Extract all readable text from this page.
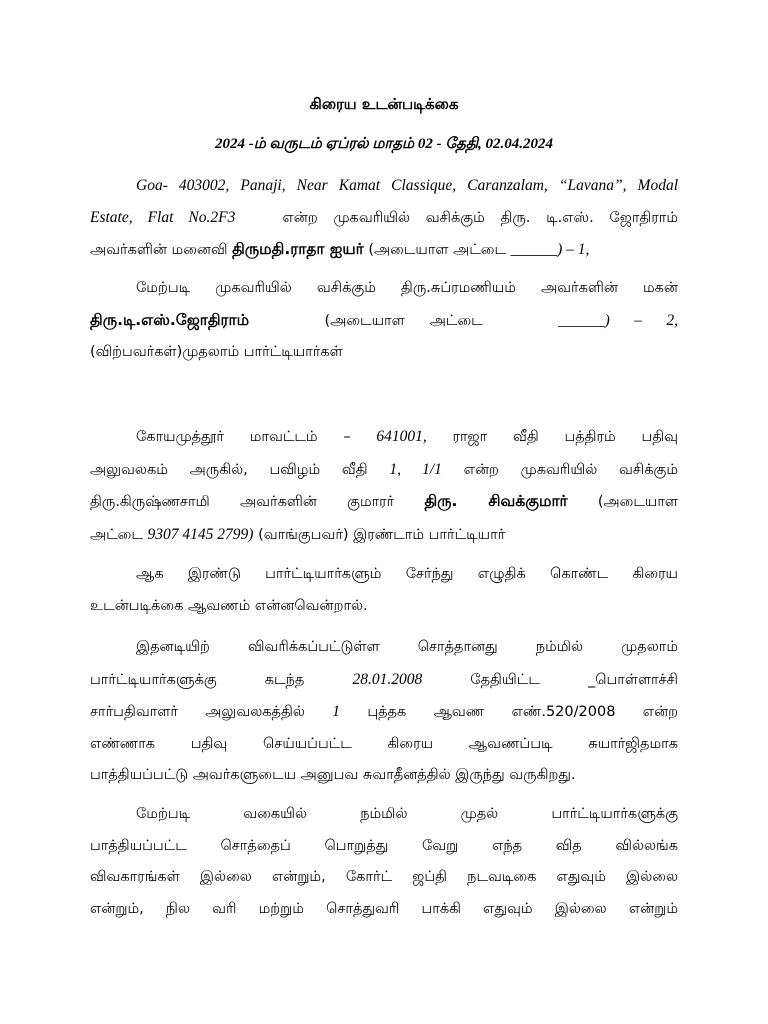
கிரைய உடன்படிக்கை
2024 -ம் வருடம் ஏப்ரல் மாதம் 02 - தேதி, 02.04.2024
Goa- 403002, Panaji, Near Kamat Classique, Caranzalam, “Lavana”, Modal
Estate, Flat No.2F3	என்ற முகவரியில் வசிக்கும் திரு. டி.எஸ். ஜோதிராம்
அவர்களின் மனைவி திருமதி.ராதா ஐயர் (அடையாள அட்டை ______) – 1,
மேற்படி முகவரியில் வசிக்கும் திரு.சுப்ரமணியம் அவர்களின் மகன்
திரு.டி.எஸ்.ஜோதிராம்	(அடையாள அட்டை	______) – 2,
(விற்பவர்கள்)முதலாம் பார்ட்டியார்கள்
கோயமுத்தூர் மாவட்டம் – 641001, ராஜா வீதி பத்திரம் பதிவு
அலுவலகம் அருகில், பவிழம் வீதி 1, 1/1 என்ற முகவரியில் வசிக்கும்
திரு.கிருஷ்ணசாமி அவர்களின் குமாரர் திரு. சிவக்குமார் (அடையாள
அட்டை 9307 4145 2799) (வாங்குபவர்) இரண்டாம் பார்ட்டியார்
ஆக இரண்டு பார்ட்டியார்களும் சேர்ந்து எழுதிக் கொண்ட கிரைய
உடன்படிக்கை ஆவணம் என்னவென்றால்.
இதனடியிற் விவரிக்கப்பட்டுள்ள சொத்தானது நம்மில் முதலாம்
பார்ட்டியார்களுக்கு கடந்த	28.01.2008	தேதியிட்ட _பொள்ளாச்சி
சார்பதிவாளர் அலுவலகத்தில் 1 புத்தக ஆவண எண்.520/2008 என்ற
எண்ணாக பதிவு செய்யப்பட்ட கிரைய ஆவணப்படி சுயார்ஜிதமாக
பாத்தியப்பட்டு அவர்களுடைய அனுபவ சுவாதீனத்தில் இருந்து வருகிறது.
மேற்படி வகையில் நம்மில் முதல் பார்ட்டியார்களுக்கு
பாத்தியப்பட்ட சொத்தைப் பொறுத்து வேறு எந்த வித வில்லங்க
விவகாரங்கள் இல்லை என்றும், கோர்ட் ஜப்தி நடவடிகை எதுவும் இல்லை
என்றும், நில வரி மற்றும் சொத்துவரி பாக்கி எதுவும் இல்லை என்றும்
